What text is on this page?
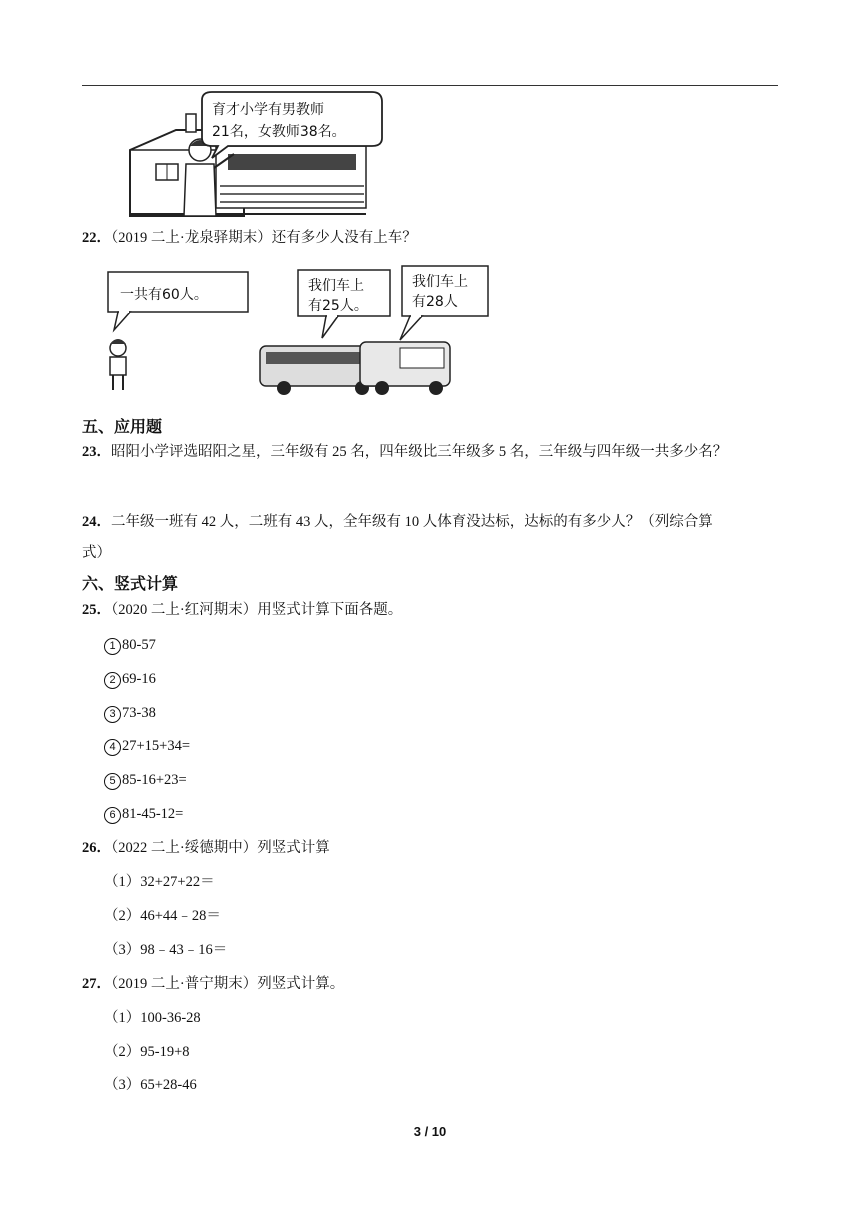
育才小学有男教师
21名，女教师38名。
22．（2019 二上·龙泉驿期末）还有多少人没有上车？
一共有60人。
我们车上
有25人。
我们车上
有28人
五、应用题
23．昭阳小学评选昭阳之星，三年级有 25 名，四年级比三年级多 5 名，三年级与四年级一共多少名？
24．二年级一班有 42 人，二班有 43 人，全年级有 10 人体育没达标，达标的有多少人？（列综合算
式）
六、竖式计算
25．（2020 二上·红河期末）用竖式计算下面各题。
1 80-57
2 69-16
3 73-38
4 27+15+34=
5 85-16+23=
6 81-45-12=
26．（2022 二上·绥德期中）列竖式计算
（1）32+27+22＝
（2）46+44﹣28＝
（3）98﹣43﹣16＝
27．（2019 二上·普宁期末）列竖式计算。
（1）100-36-28
（2）95-19+8
（3）65+28-46
3 / 10
